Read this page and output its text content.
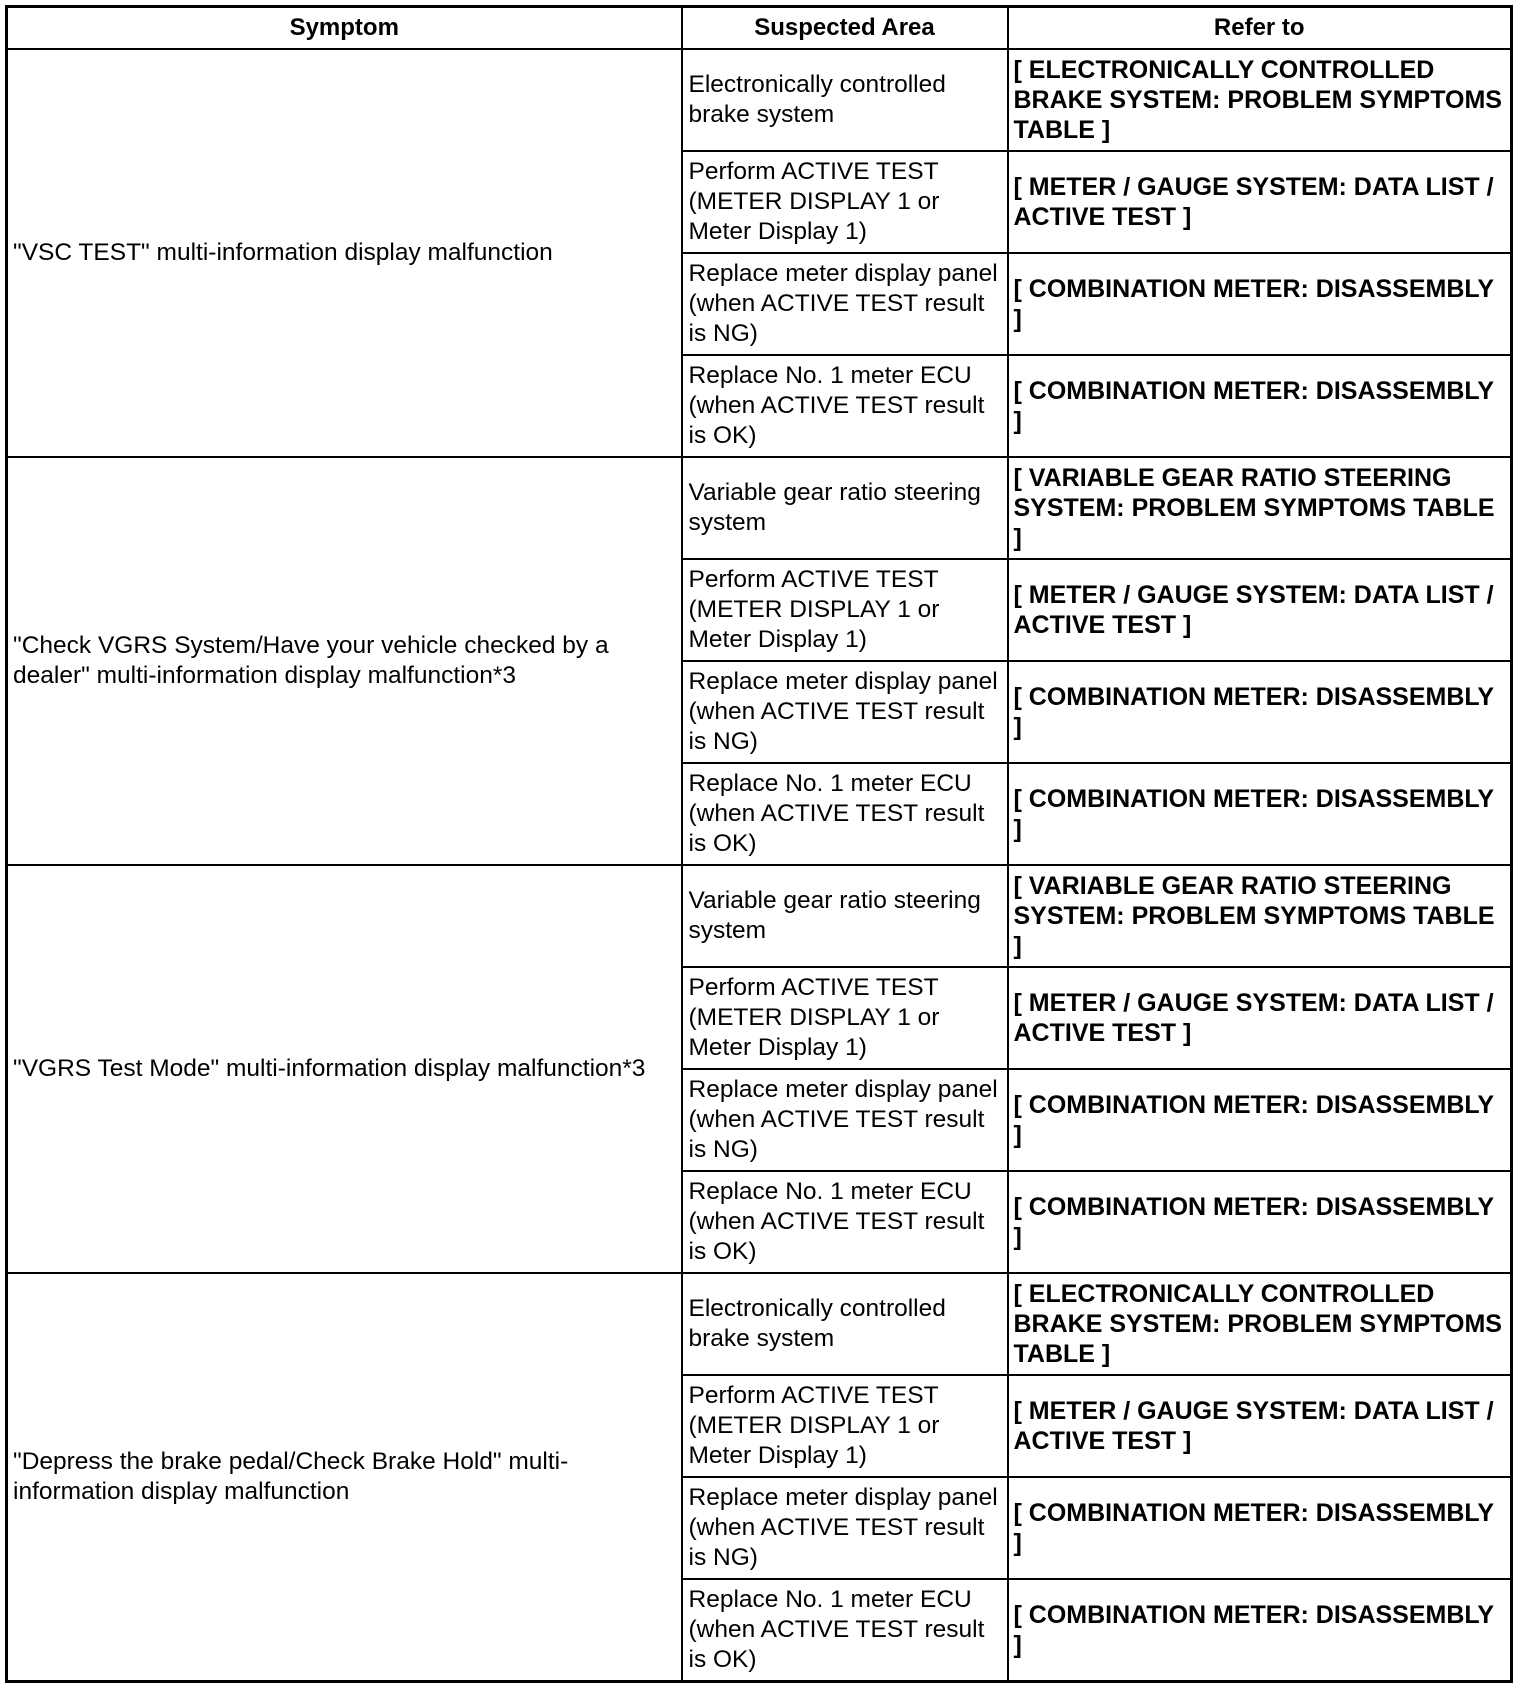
Symptom	Suspected Area	Refer to
"VSC TEST" multi-information display malfunction	Electronically controlled brake system	[ ELECTRONICALLY CONTROLLED BRAKE SYSTEM: PROBLEM SYMPTOMS TABLE ]
	Perform ACTIVE TEST (METER DISPLAY 1 or Meter Display 1)	[ METER / GAUGE SYSTEM: DATA LIST / ACTIVE TEST ]
	Replace meter display panel (when ACTIVE TEST result is NG)	[ COMBINATION METER: DISASSEMBLY ]
	Replace No. 1 meter ECU (when ACTIVE TEST result is OK)	[ COMBINATION METER: DISASSEMBLY ]
"Check VGRS System/Have your vehicle checked by a dealer" multi-information display malfunction*3	Variable gear ratio steering system	[ VARIABLE GEAR RATIO STEERING SYSTEM: PROBLEM SYMPTOMS TABLE ]
	Perform ACTIVE TEST (METER DISPLAY 1 or Meter Display 1)	[ METER / GAUGE SYSTEM: DATA LIST / ACTIVE TEST ]
	Replace meter display panel (when ACTIVE TEST result is NG)	[ COMBINATION METER: DISASSEMBLY ]
	Replace No. 1 meter ECU (when ACTIVE TEST result is OK)	[ COMBINATION METER: DISASSEMBLY ]
"VGRS Test Mode" multi-information display malfunction*3	Variable gear ratio steering system	[ VARIABLE GEAR RATIO STEERING SYSTEM: PROBLEM SYMPTOMS TABLE ]
	Perform ACTIVE TEST (METER DISPLAY 1 or Meter Display 1)	[ METER / GAUGE SYSTEM: DATA LIST / ACTIVE TEST ]
	Replace meter display panel (when ACTIVE TEST result is NG)	[ COMBINATION METER: DISASSEMBLY ]
	Replace No. 1 meter ECU (when ACTIVE TEST result is OK)	[ COMBINATION METER: DISASSEMBLY ]
"Depress the brake pedal/Check Brake Hold" multi-information display malfunction	Electronically controlled brake system	[ ELECTRONICALLY CONTROLLED BRAKE SYSTEM: PROBLEM SYMPTOMS TABLE ]
	Perform ACTIVE TEST (METER DISPLAY 1 or Meter Display 1)	[ METER / GAUGE SYSTEM: DATA LIST / ACTIVE TEST ]
	Replace meter display panel (when ACTIVE TEST result is NG)	[ COMBINATION METER: DISASSEMBLY ]
	Replace No. 1 meter ECU (when ACTIVE TEST result is OK)	[ COMBINATION METER: DISASSEMBLY ]
